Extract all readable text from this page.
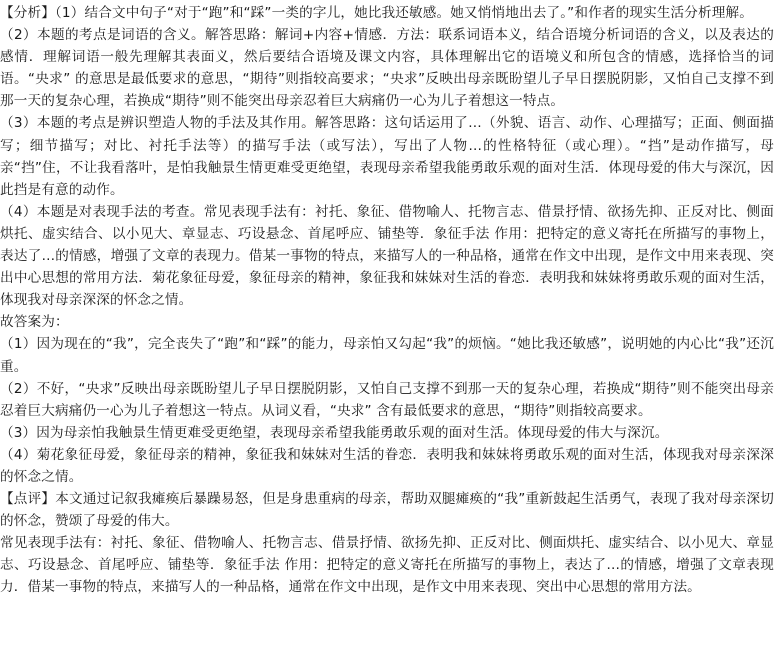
【分析】（1）结合文中句子“对于“跑”和“踩”一类的字儿，她比我还敏感。她又悄悄地出去了。”和作者的现实生活分析理解。

（2）本题的考点是词语的含义。解答思路：解词+内容+情感．方法：联系词语本义，结合语境分析词语的含义，以及表达的感情．理解词语一般先理解其表面义，然后要结合语境及课文内容，具体理解出它的语境义和所包含的情感，选择恰当的词语。“央求” 的意思是最低要求的意思，“期待”则指较高要求；“央求”反映出母亲既盼望儿子早日摆脱阴影，又怕自己支撑不到那一天的复杂心理，若换成“期待”则不能突出母亲忍着巨大病痛仍一心为儿子着想这一特点。

（3）本题的考点是辨识塑造人物的手法及其作用。解答思路：这句话运用了…（外貌、语言、动作、心理描写；正面、侧面描写；细节描写；对比、衬托手法等）的描写手法（或写法），写出了人物…的性格特征（或心理）。“挡”是动作描写，母亲“挡”住，不让我看落叶，是怕我触景生情更难受更绝望，表现母亲希望我能勇敢乐观的面对生活．体现母爱的伟大与深沉，因此挡是有意的动作。

（4）本题是对表现手法的考查。常见表现手法有：衬托、象征、借物喻人、托物言志、借景抒情、欲扬先抑、正反对比、侧面烘托、虚实结合、以小见大、章显志、巧设悬念、首尾呼应、铺垫等．象征手法 作用：把特定的意义寄托在所描写的事物上，表达了…的情感，增强了文章的表现力。借某一事物的特点，来描写人的一种品格，通常在作文中出现，是作文中用来表现、突出中心思想的常用方法．菊花象征母爱，象征母亲的精神，象征我和妹妹对生活的眷恋．表明我和妹妹将勇敢乐观的面对生活，体现我对母亲深深的怀念之情。

故答案为：

（1）因为现在的“我”，完全丧失了“跑”和“踩”的能力，母亲怕又勾起“我”的烦恼。“她比我还敏感”，说明她的内心比“我”还沉重。

（2）不好，“央求”反映出母亲既盼望儿子早日摆脱阴影，又怕自己支撑不到那一天的复杂心理，若换成“期待”则不能突出母亲忍着巨大病痛仍一心为儿子着想这一特点。从词义看，“央求” 含有最低要求的意思，“期待”则指较高要求。

（3）因为母亲怕我触景生情更难受更绝望，表现母亲希望我能勇敢乐观的面对生活。体现母爱的伟大与深沉。

（4）菊花象征母爱，象征母亲的精神，象征我和妹妹对生活的眷恋．表明我和妹妹将勇敢乐观的面对生活，体现我对母亲深深的怀念之情。

【点评】本文通过记叙我瘫痪后暴躁易怒，但是身患重病的母亲，帮助双腿瘫痪的“我”重新鼓起生活勇气，表现了我对母亲深切的怀念，赞颂了母爱的伟大。

常见表现手法有：衬托、象征、借物喻人、托物言志、借景抒情、欲扬先抑、正反对比、侧面烘托、虚实结合、以小见大、章显志、巧设悬念、首尾呼应、铺垫等．象征手法 作用：把特定的意义寄托在所描写的事物上，表达了…的情感，增强了文章表现力．借某一事物的特点，来描写人的一种品格，通常在作文中出现，是作文中用来表现、突出中心思想的常用方法。
